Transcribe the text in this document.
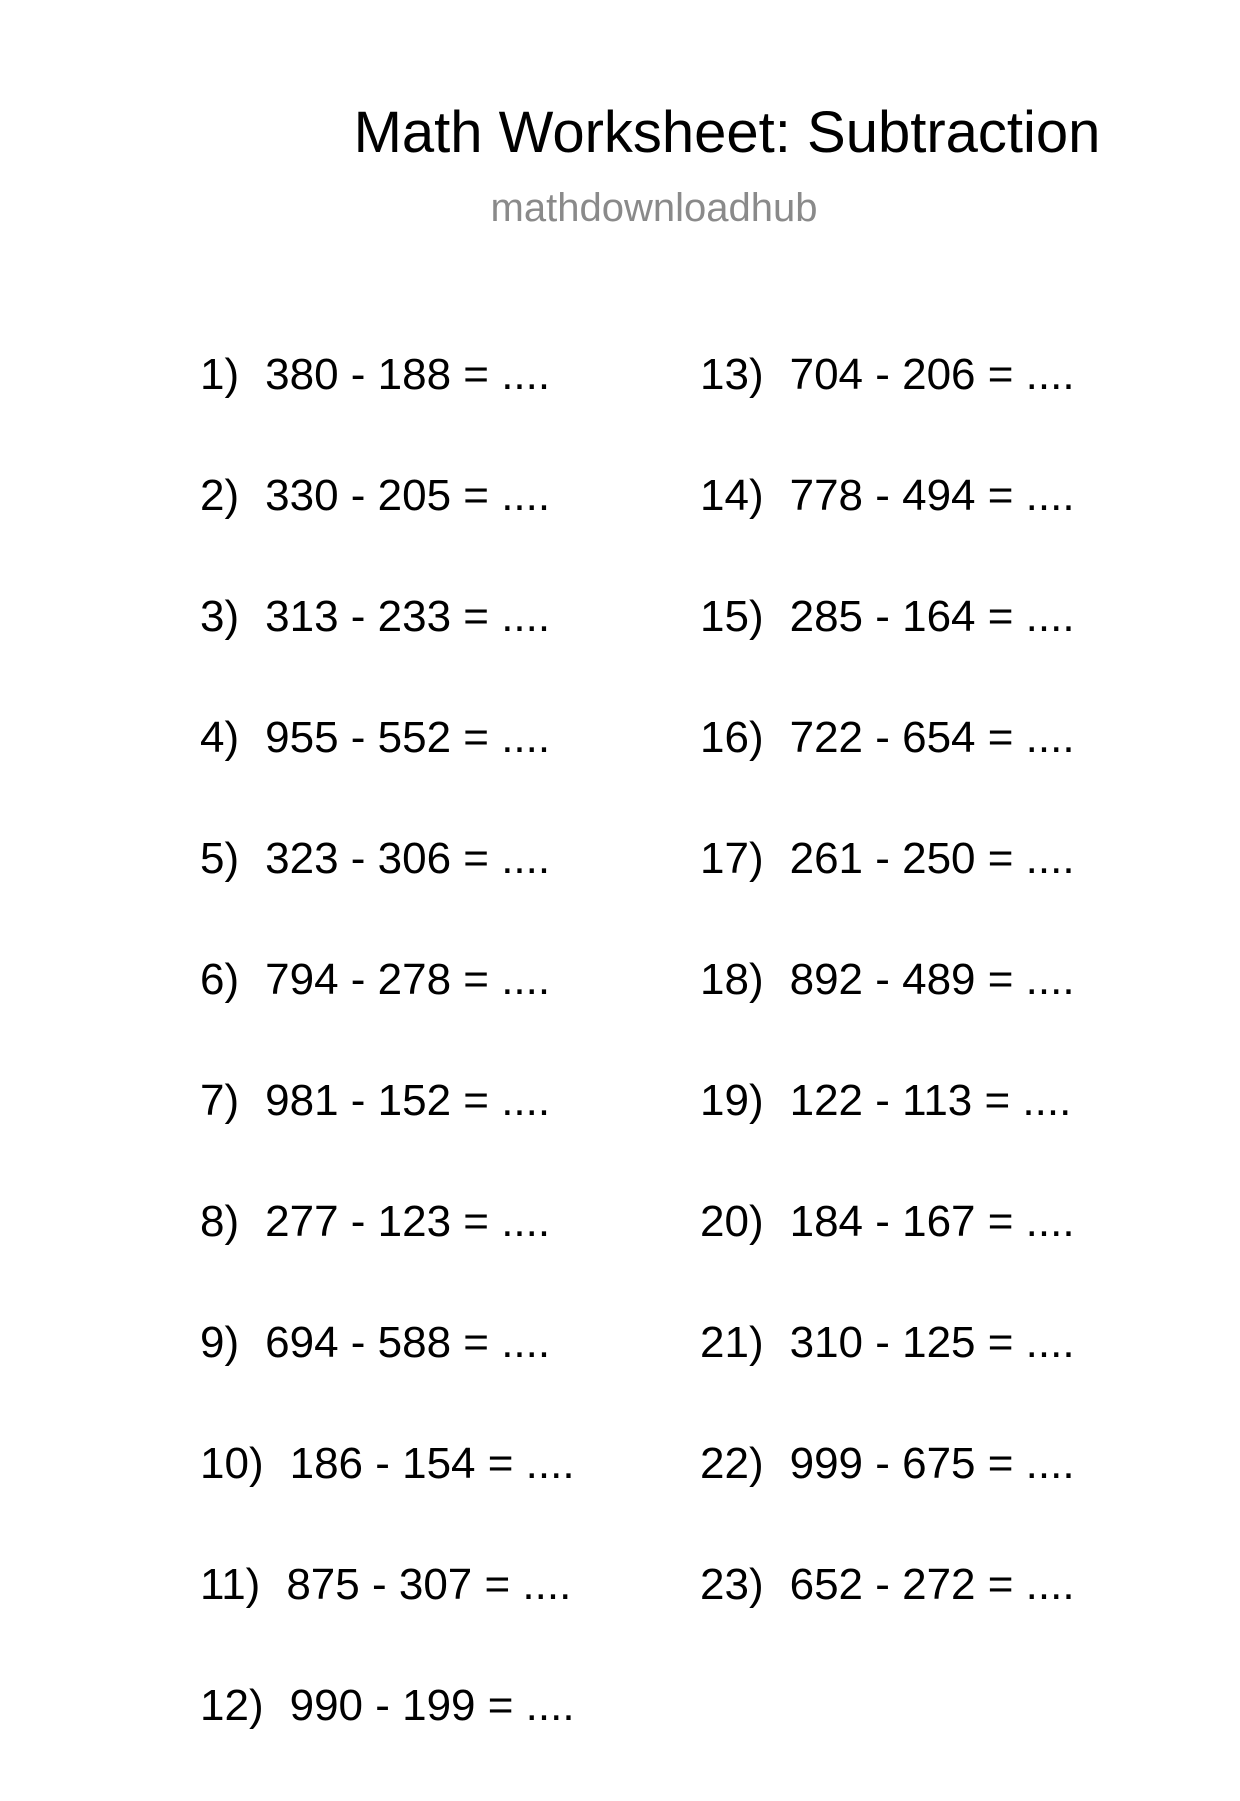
Math Worksheet: Subtraction
mathdownloadhub
1) 380 - 188 = ....
2) 330 - 205 = ....
3) 313 - 233 = ....
4) 955 - 552 = ....
5) 323 - 306 = ....
6) 794 - 278 = ....
7) 981 - 152 = ....
8) 277 - 123 = ....
9) 694 - 588 = ....
10) 186 - 154 = ....
11) 875 - 307 = ....
12) 990 - 199 = ....
13) 704 - 206 = ....
14) 778 - 494 = ....
15) 285 - 164 = ....
16) 722 - 654 = ....
17) 261 - 250 = ....
18) 892 - 489 = ....
19) 122 - 113 = ....
20) 184 - 167 = ....
21) 310 - 125 = ....
22) 999 - 675 = ....
23) 652 - 272 = ....
